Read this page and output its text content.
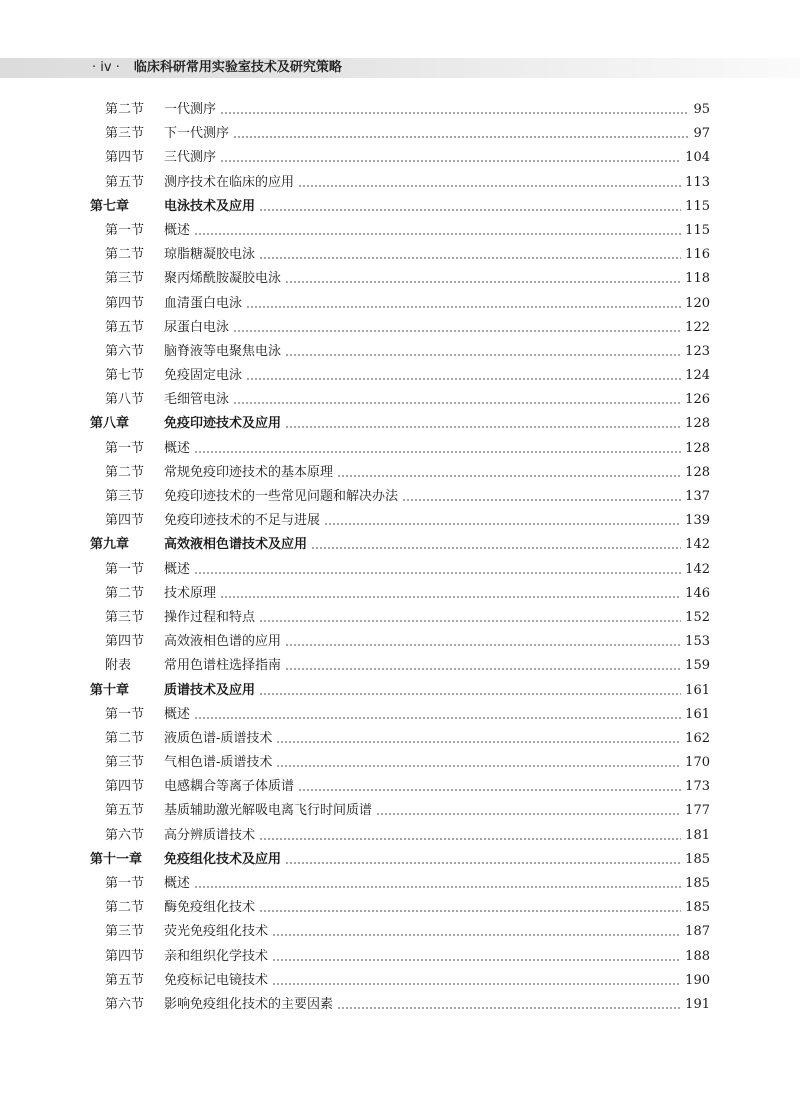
· iv · 临床科研常用实验室技术及研究策略
第二节 一代测序	95
第三节 下一代测序	97
第四节 三代测序	104
第五节 测序技术在临床的应用	113
第七章	电泳技术及应用	115
第一节 概述	115
第二节 琼脂糖凝胶电泳	116
第三节 聚丙烯酰胺凝胶电泳	118
第四节 血清蛋白电泳	120
第五节 尿蛋白电泳	122
第六节 脑脊液等电聚焦电泳	123
第七节 免疫固定电泳	124
第八节 毛细管电泳	126
第八章	免疫印迹技术及应用	128
第一节 概述	128
第二节 常规免疫印迹技术的基本原理	128
第三节 免疫印迹技术的一些常见问题和解决办法	137
第四节 免疫印迹技术的不足与进展	139
第九章	高效液相色谱技术及应用	142
第一节 概述	142
第二节 技术原理	146
第三节 操作过程和特点	152
第四节 高效液相色谱的应用	153
附表	常用色谱柱选择指南	159
第十章	质谱技术及应用	161
第一节 概述	161
第二节 液质色谱-质谱技术	162
第三节 气相色谱-质谱技术	170
第四节 电感耦合等离子体质谱	173
第五节 基质辅助激光解吸电离飞行时间质谱	177
第六节 高分辨质谱技术	181
第十一章 免疫组化技术及应用	185
第一节 概述	185
第二节 酶免疫组化技术	185
第三节 荧光免疫组化技术	187
第四节 亲和组织化学技术	188
第五节 免疫标记电镜技术	190
第六节 影响免疫组化技术的主要因素	191
